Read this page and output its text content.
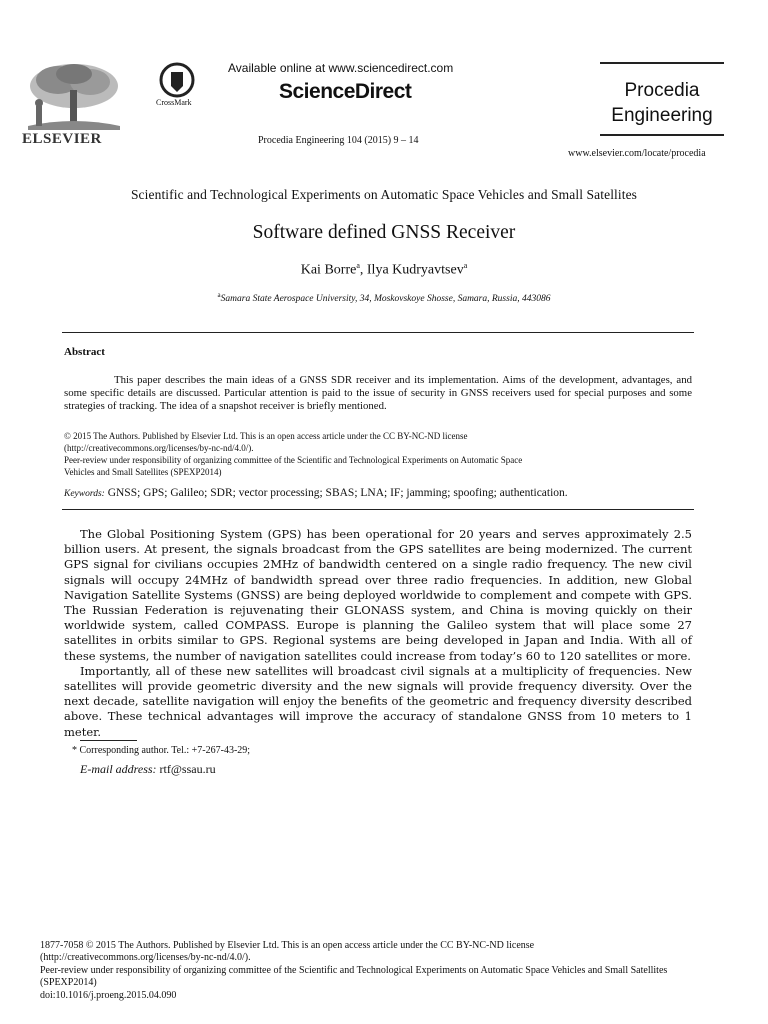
ELSEVIER
CrossMark
Available online at www.sciencedirect.com
ScienceDirect
Procedia Engineering 104 (2015) 9 – 14
Procedia
Engineering
www.elsevier.com/locate/procedia
Scientific and Technological Experiments on Automatic Space Vehicles and Small Satellites
Software defined GNSS Receiver
Kai Borre$^a$, Ilya Kudryavtsev$^a$
$^a$Samara State Aerospace University, 34, Moskovskoye Shosse, Samara, Russia, 443086
Abstract
This paper describes the main ideas of a GNSS SDR receiver and its implementation. Aims of the development, advantages, and some specific details are discussed. Particular attention is paid to the issue of security in GNSS receivers used for special purposes and some strategies of tracking. The idea of a snapshot receiver is briefly mentioned.
© 2015 The Authors. Published by Elsevier Ltd. This is an open access article under the CC BY-NC-ND license
(http://creativecommons.org/licenses/by-nc-nd/4.0/).
Peer-review under responsibility of organizing committee of the Scientific and Technological Experiments on Automatic Space
Vehicles and Small Satellites (SPEXP2014)
Keywords: GNSS; GPS; Galileo; SDR; vector processing; SBAS; LNA; IF; jamming; spoofing; authentication.

The Global Positioning System (GPS) has been operational for 20 years and serves approximately 2.5 billion users. At present, the signals broadcast from the GPS satellites are being modernized. The current GPS signal for civilians occupies 2MHz of bandwidth centered on a single radio frequency. The new civil signals will occupy 24MHz of bandwidth spread over three radio frequencies. In addition, new Global Navigation Satellite Systems (GNSS) are being deployed worldwide to complement and compete with GPS. The Russian Federation is rejuvenating their GLONASS system, and China is moving quickly on their worldwide system, called COMPASS. Europe is planning the Galileo system that will place some 27 satellites in orbits similar to GPS. Regional systems are being developed in Japan and India. With all of these systems, the number of navigation satellites could increase from today’s 60 to 120 satellites or more.

Importantly, all of these new satellites will broadcast civil signals at a multiplicity of frequencies. New satellites will provide geometric diversity and the new signals will provide frequency diversity. Over the next decade, satellite navigation will enjoy the benefits of the geometric and frequency diversity described above. These technical advantages will improve the accuracy of standalone GNSS from 10 meters to 1 meter.

* Corresponding author. Tel.: +7-267-43-29;
E-mail address: rtf@ssau.ru
1877-7058 © 2015 The Authors. Published by Elsevier Ltd. This is an open access article under the CC BY-NC-ND license
(http://creativecommons.org/licenses/by-nc-nd/4.0/).
Peer-review under responsibility of organizing committee of the Scientific and Technological Experiments on Automatic Space Vehicles and Small Satellites
(SPEXP2014)
doi:10.1016/j.proeng.2015.04.090
